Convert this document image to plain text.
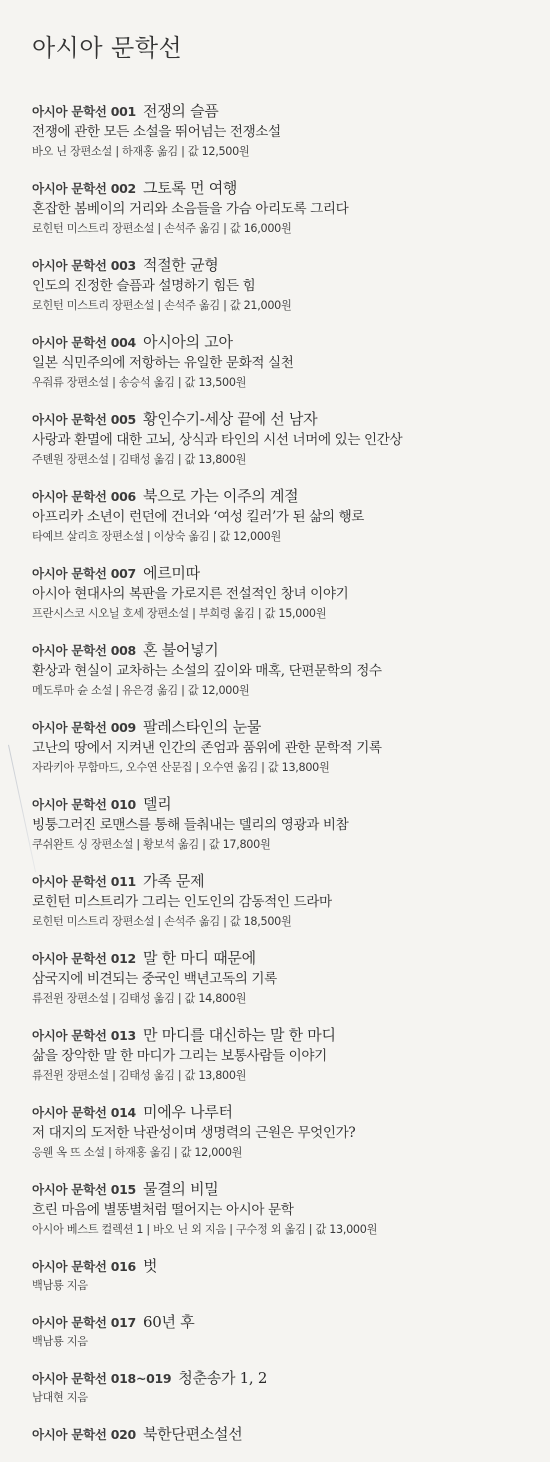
아시아 문학선
아시아 문학선 001 전쟁의 슬픔
전쟁에 관한 모든 소설을 뛰어넘는 전쟁소설
바오 닌 장편소설 | 하재홍 옮김 | 값 12,500원
아시아 문학선 002 그토록 먼 여행
혼잡한 봄베이의 거리와 소음들을 가슴 아리도록 그리다
로힌턴 미스트리 장편소설 | 손석주 옮김 | 값 16,000원
아시아 문학선 003 적절한 균형
인도의 진정한 슬픔과 설명하기 힘든 힘
로힌턴 미스트리 장편소설 | 손석주 옮김 | 값 21,000원
아시아 문학선 004 아시아의 고아
일본 식민주의에 저항하는 유일한 문화적 실천
우줘류 장편소설 | 송승석 옮김 | 값 13,500원
아시아 문학선 005 황인수기-세상 끝에 선 남자
사랑과 환멸에 대한 고뇌, 상식과 타인의 시선 너머에 있는 인간상
주톈원 장편소설 | 김태성 옮김 | 값 13,800원
아시아 문학선 006 북으로 가는 이주의 계절
아프리카 소년이 런던에 건너와 ‘여성 킬러’가 된 삶의 행로
타예브 살리흐 장편소설 | 이상숙 옮김 | 값 12,000원
아시아 문학선 007 에르미따
아시아 현대사의 복판을 가로지른 전설적인 창녀 이야기
프란시스코 시오닐 호세 장편소설 | 부희령 옮김 | 값 15,000원
아시아 문학선 008 혼 불어넣기
환상과 현실이 교차하는 소설의 깊이와 매혹, 단편문학의 정수
메도루마 슌 소설 | 유은경 옮김 | 값 12,000원
아시아 문학선 009 팔레스타인의 눈물
고난의 땅에서 지켜낸 인간의 존엄과 품위에 관한 문학적 기록
자라키아 무함마드, 오수연 산문집 | 오수연 옮김 | 값 13,800원
아시아 문학선 010 델리
빙퉁그러진 로맨스를 통해 들춰내는 델리의 영광과 비참
쿠쉬완트 싱 장편소설 | 황보석 옮김 | 값 17,800원
아시아 문학선 011 가족 문제
로힌턴 미스트리가 그리는 인도인의 감동적인 드라마
로힌턴 미스트리 장편소설 | 손석주 옮김 | 값 18,500원
아시아 문학선 012 말 한 마디 때문에
삼국지에 비견되는 중국인 백년고독의 기록
류전윈 장편소설 | 김태성 옮김 | 값 14,800원
아시아 문학선 013 만 마디를 대신하는 말 한 마디
삶을 장악한 말 한 마디가 그리는 보통사람들 이야기
류전윈 장편소설 | 김태성 옮김 | 값 13,800원
아시아 문학선 014 미에우 나루터
저 대지의 도저한 낙관성이며 생명력의 근원은 무엇인가?
응웬 옥 뜨 소설 | 하재홍 옮김 | 값 12,000원
아시아 문학선 015 물결의 비밀
흐린 마음에 별똥별처럼 떨어지는 아시아 문학
아시아 베스트 컬렉션 1 | 바오 닌 외 지음 | 구수정 외 옮김 | 값 13,000원
아시아 문학선 016 벗
백남룡 지음
아시아 문학선 017 60년 후
백남룡 지음
아시아 문학선 018~019 청춘송가 1, 2
남대현 지음
아시아 문학선 020 북한단편소설선
